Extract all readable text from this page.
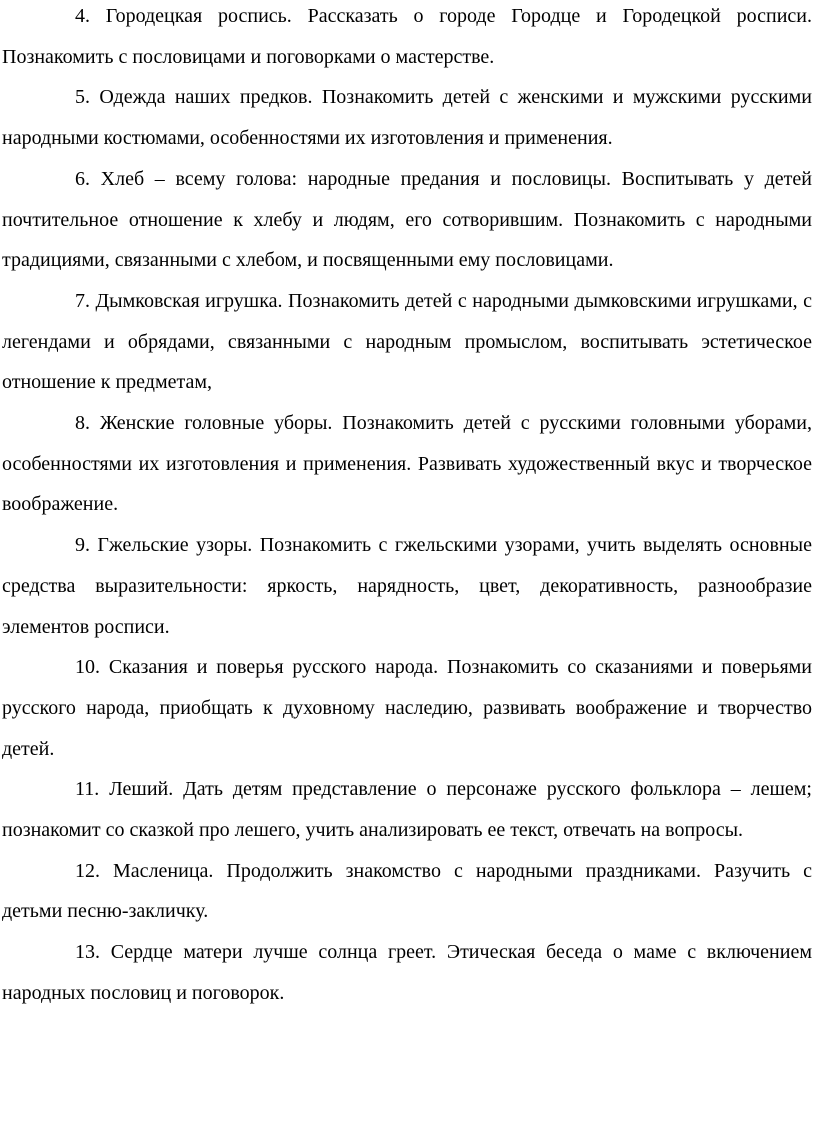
4. Городецкая роспись. Рассказать о городе Городце и Городецкой росписи. Познакомить с пословицами и поговорками о мастерстве.

5. Одежда наших предков. Познакомить детей с женскими и мужскими русскими народными костюмами, особенностями их изготовления и применения.

6. Хлеб – всему голова: народные предания и пословицы. Воспитывать у детей почтительное отношение к хлебу и людям, его сотворившим. Познакомить с народными традициями, связанными с хлебом, и посвященными ему пословицами.

7. Дымковская игрушка. Познакомить детей с народными дымковскими игрушками, с легендами и обрядами, связанными с народным промыслом, воспитывать эстетическое отношение к предметам,

8. Женские головные уборы. Познакомить детей с русскими головными уборами, особенностями их изготовления и применения. Развивать художественный вкус и творческое воображение.

9. Гжельские узоры. Познакомить с гжельскими узорами, учить выделять основные средства выразительности: яркость, нарядность, цвет, декоративность, разнообразие элементов росписи.

10. Сказания и поверья русского народа. Познакомить со сказаниями и поверьями русского народа, приобщать к духовному наследию, развивать воображение и творчество детей.

11. Леший. Дать детям представление о персонаже русского фольклора – лешем; познакомит со сказкой про лешего, учить анализировать ее текст, отвечать на вопросы.

12. Масленица. Продолжить знакомство с народными праздниками. Разучить с детьми песню-закличку.

13. Сердце матери лучше солнца греет. Этическая беседа о маме с включением народных пословиц и поговорок.
